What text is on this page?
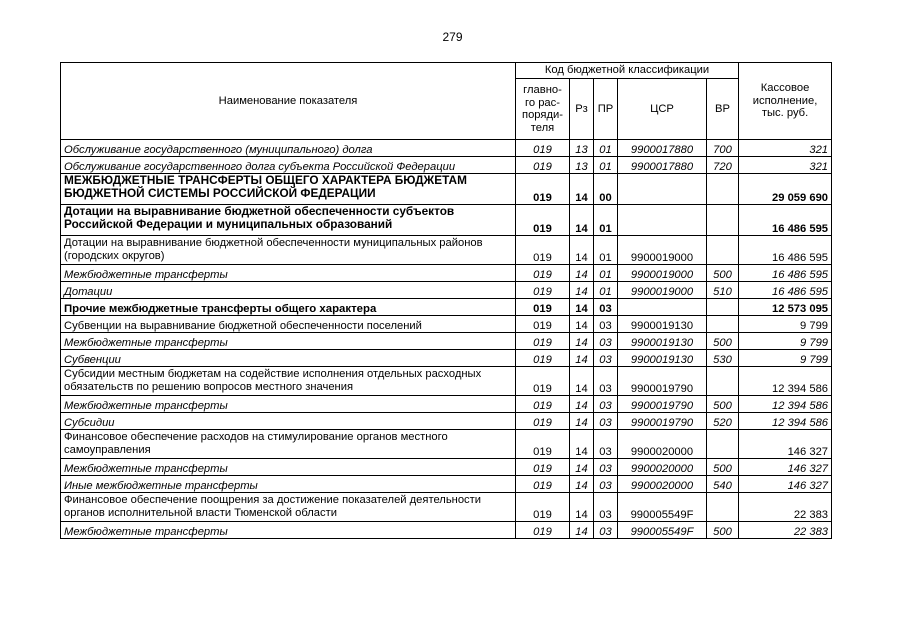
279
Наименование показателя	Код бюджетной классификации					Кассовое исполнение, тыс. руб.
	главно-го рас-поряди-теля	Рз	ПР	ЦСР	ВР	
Обслуживание государственного (муниципального) долга	019	13	01	9900017880	700	321
Обслуживание государственного долга субъекта Российской Федерации	019	13	01	9900017880	720	321
МЕЖБЮДЖЕТНЫЕ ТРАНСФЕРТЫ ОБЩЕГО ХАРАКТЕРА БЮДЖЕТАМ БЮДЖЕТНОЙ СИСТЕМЫ РОССИЙСКОЙ ФЕДЕРАЦИИ	019	14	00			29 059 690
Дотации на выравнивание бюджетной обеспеченности субъектов Российской Федерации и муниципальных образований	019	14	01			16 486 595
Дотации на выравнивание бюджетной обеспеченности муниципальных районов (городских округов)	019	14	01	9900019000		16 486 595
Межбюджетные трансферты	019	14	01	9900019000	500	16 486 595
Дотации	019	14	01	9900019000	510	16 486 595
Прочие межбюджетные трансферты общего характера	019	14	03			12 573 095
Субвенции на выравнивание бюджетной обеспеченности поселений	019	14	03	9900019130		9 799
Межбюджетные трансферты	019	14	03	9900019130	500	9 799
Субвенции	019	14	03	9900019130	530	9 799
Субсидии местным бюджетам на содействие исполнения отдельных расходных обязательств по решению вопросов местного значения	019	14	03	9900019790		12 394 586
Межбюджетные трансферты	019	14	03	9900019790	500	12 394 586
Субсидии	019	14	03	9900019790	520	12 394 586
Финансовое обеспечение расходов на стимулирование органов местного самоуправления	019	14	03	9900020000		146 327
Межбюджетные трансферты	019	14	03	9900020000	500	146 327
Иные межбюджетные трансферты	019	14	03	9900020000	540	146 327
Финансовое обеспечение поощрения за достижение показателей деятельности органов исполнительной власти Тюменской области	019	14	03	990005549F		22 383
Межбюджетные трансферты	019	14	03	990005549F	500	22 383
